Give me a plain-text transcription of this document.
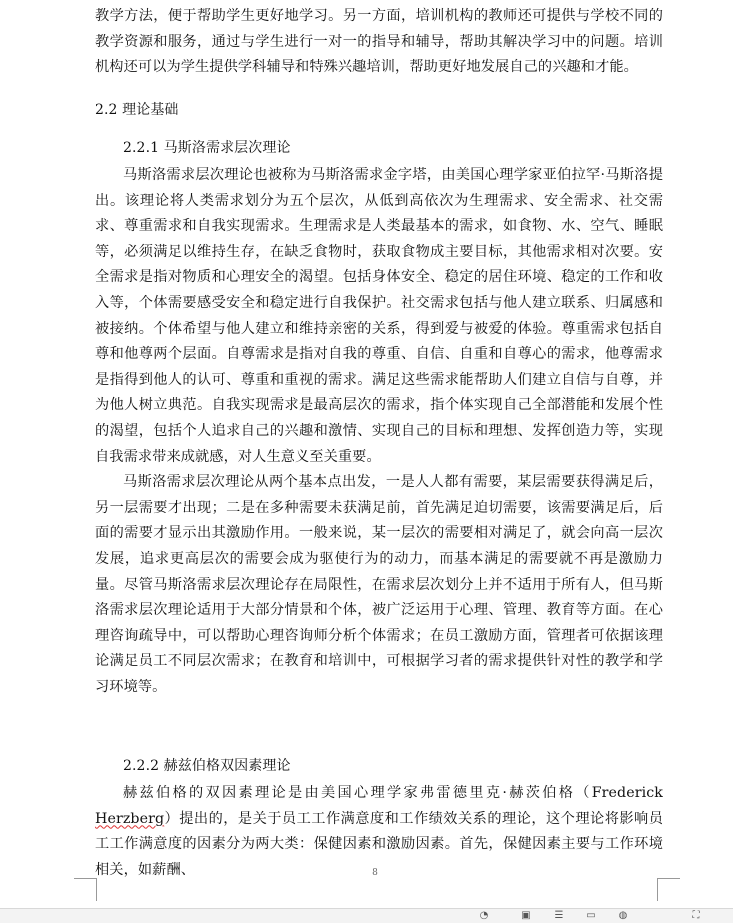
教学方法，便于帮助学生更好地学习。另一方面，培训机构的教师还可提供与学校不同的教学资源和服务，通过与学生进行一对一的指导和辅导，帮助其解决学习中的问题。培训机构还可以为学生提供学科辅导和特殊兴趣培训，帮助更好地发展自己的兴趣和才能。

2.2 理论基础

2.2.1 马斯洛需求层次理论

马斯洛需求层次理论也被称为马斯洛需求金字塔，由美国心理学家亚伯拉罕·马斯洛提出。该理论将人类需求划分为五个层次，从低到高依次为生理需求、安全需求、社交需求、尊重需求和自我实现需求。生理需求是人类最基本的需求，如食物、水、空气、睡眠等，必须满足以维持生存，在缺乏食物时，获取食物成主要目标，其他需求相对次要。安全需求是指对物质和心理安全的渴望。包括身体安全、稳定的居住环境、稳定的工作和收入等，个体需要感受安全和稳定进行自我保护。社交需求包括与他人建立联系、归属感和被接纳。个体希望与他人建立和维持亲密的关系，得到爱与被爱的体验。尊重需求包括自尊和他尊两个层面。自尊需求是指对自我的尊重、自信、自重和自尊心的需求，他尊需求是指得到他人的认可、尊重和重视的需求。满足这些需求能帮助人们建立自信与自尊，并为他人树立典范。自我实现需求是最高层次的需求，指个体实现自己全部潜能和发展个性的渴望，包括个人追求自己的兴趣和激情、实现自己的目标和理想、发挥创造力等，实现自我需求带来成就感，对人生意义至关重要。

马斯洛需求层次理论从两个基本点出发，一是人人都有需要，某层需要获得满足后，另一层需要才出现；二是在多种需要未获满足前，首先满足迫切需要，该需要满足后，后面的需要才显示出其激励作用。一般来说，某一层次的需要相对满足了，就会向高一层次发展，追求更高层次的需要会成为驱使行为的动力，而基本满足的需要就不再是激励力量。尽管马斯洛需求层次理论存在局限性，在需求层次划分上并不适用于所有人，但马斯洛需求层次理论适用于大部分情景和个体，被广泛运用于心理、管理、教育等方面。在心理咨询疏导中，可以帮助心理咨询师分析个体需求；在员工激励方面，管理者可依据该理论满足员工不同层次需求；在教育和培训中，可根据学习者的需求提供针对性的教学和学习环境等。

2.2.2 赫兹伯格双因素理论

赫兹伯格的双因素理论是由美国心理学家弗雷德里克·赫茨伯格（Frederick Herzberg）提出的，是关于员工工作满意度和工作绩效关系的理论，这个理论将影响员工工作满意度的因素分为两大类：保健因素和激励因素。首先，保健因素主要与工作环境相关，如薪酬、	8
◔	▣ ☰ ▭ ◍	⛶
